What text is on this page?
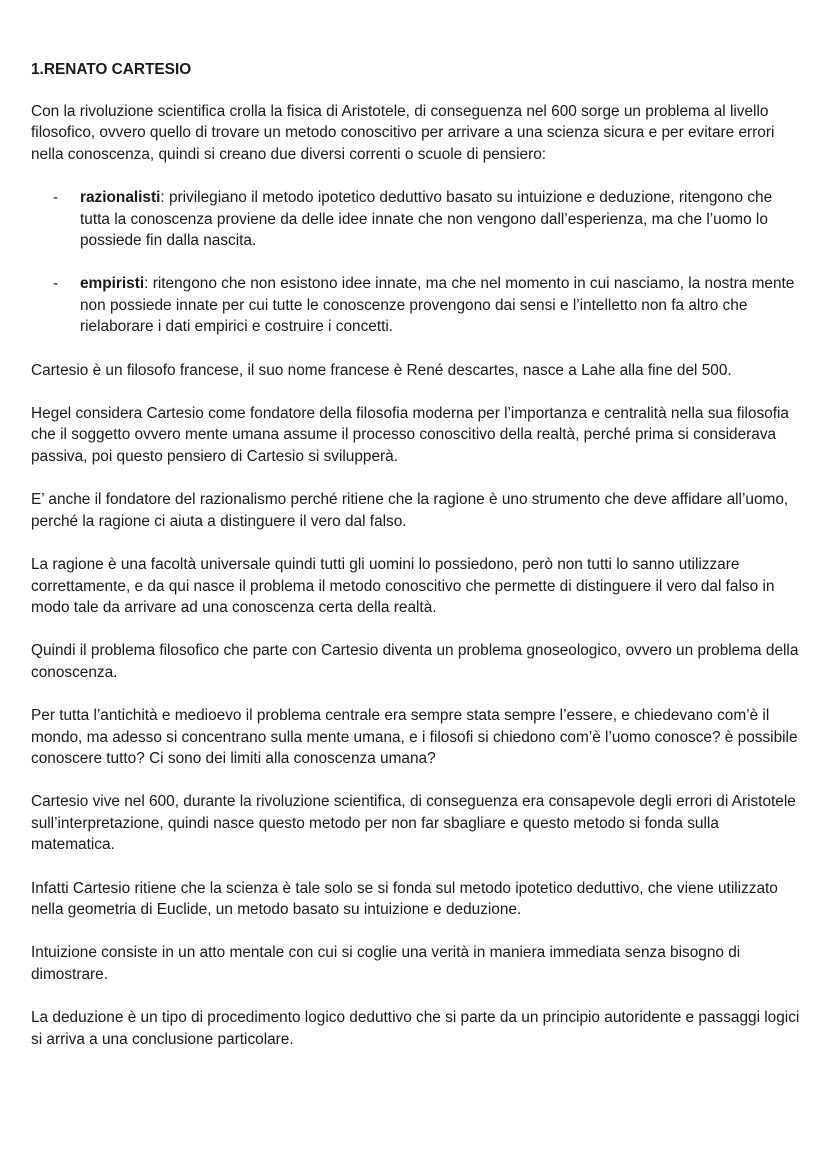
1.RENATO CARTESIO

Con la rivoluzione scientifica crolla la fisica di Aristotele, di conseguenza nel 600 sorge un problema al livello filosofico, ovvero quello di trovare un metodo conoscitivo per arrivare a una scienza sicura e per evitare errori nella conoscenza, quindi si creano due diversi correnti o scuole di pensiero:

- razionalisti: privilegiano il metodo ipotetico deduttivo basato su intuizione e deduzione, ritengono che tutta la conoscenza proviene da delle idee innate che non vengono dall’esperienza, ma che l’uomo lo possiede fin dalla nascita.
- empiristi: ritengono che non esistono idee innate, ma che nel momento in cui nasciamo, la nostra mente non possiede innate per cui tutte le conoscenze provengono dai sensi e l’intelletto non fa altro che rielaborare i dati empirici e costruire i concetti.

Cartesio è un filosofo francese, il suo nome francese è René descartes, nasce a Lahe alla fine del 500.

Hegel considera Cartesio come fondatore della filosofia moderna per l’importanza e centralità nella sua filosofia che il soggetto ovvero mente umana assume il processo conoscitivo della realtà, perché prima si considerava passiva, poi questo pensiero di Cartesio si svilupperà.

E’ anche il fondatore del razionalismo perché ritiene che la ragione è uno strumento che deve affidare all’uomo, perché la ragione ci aiuta a distinguere il vero dal falso.

La ragione è una facoltà universale quindi tutti gli uomini lo possiedono, però non tutti lo sanno utilizzare correttamente, e da qui nasce il problema il metodo conoscitivo che permette di distinguere il vero dal falso in modo tale da arrivare ad una conoscenza certa della realtà.

Quindi il problema filosofico che parte con Cartesio diventa un problema gnoseologico, ovvero un problema della conoscenza.

Per tutta l’antichità e medioevo il problema centrale era sempre stata sempre l’essere, e chiedevano com’è il mondo, ma adesso si concentrano sulla mente umana, e i filosofi si chiedono com’è l’uomo conosce? è possibile conoscere tutto? Ci sono dei limiti alla conoscenza umana?

Cartesio vive nel 600, durante la rivoluzione scientifica, di conseguenza era consapevole degli errori di Aristotele sull’interpretazione, quindi nasce questo metodo per non far sbagliare e questo metodo si fonda sulla matematica.

Infatti Cartesio ritiene che la scienza è tale solo se si fonda sul metodo ipotetico deduttivo, che viene utilizzato nella geometria di Euclide, un metodo basato su intuizione e deduzione.

Intuizione consiste in un atto mentale con cui si coglie una verità in maniera immediata senza bisogno di dimostrare.

La deduzione è un tipo di procedimento logico deduttivo che si parte da un principio autoridente e passaggi logici si arriva a una conclusione particolare.
